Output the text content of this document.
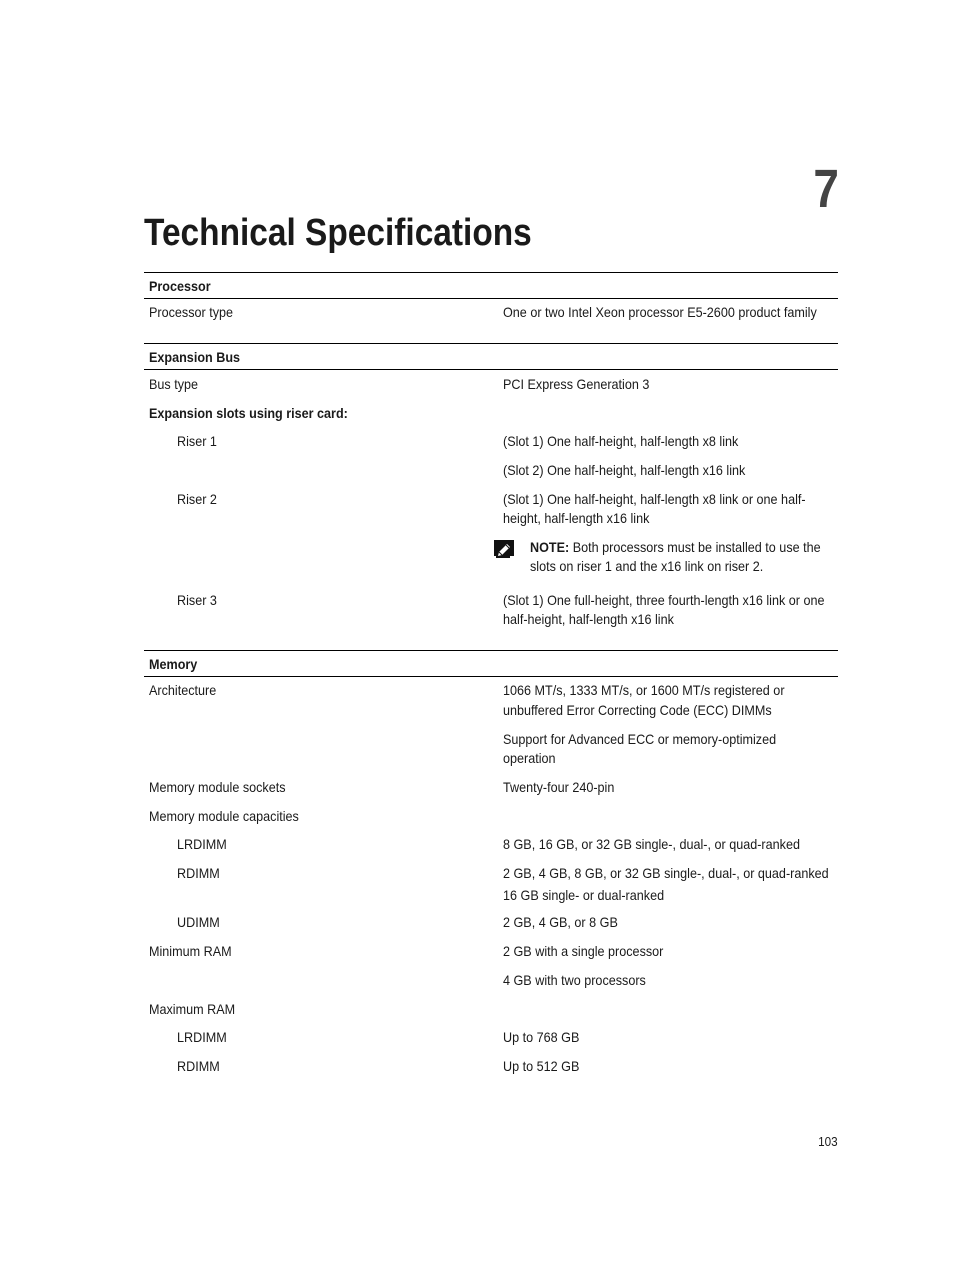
7
Technical Specifications
Processor
Processor type	One or two Intel Xeon processor E5-2600 product family
Expansion Bus
Bus type	PCI Express Generation 3
Expansion slots using riser card:
Riser 1	(Slot 1) One half-height, half-length x8 link
(Slot 2) One half-height, half-length x16 link
Riser 2	(Slot 1) One half-height, half-length x8 link or one half-
height, half-length x16 link
NOTE: Both processors must be installed to use the
slots on riser 1 and the x16 link on riser 2.
Riser 3	(Slot 1) One full-height, three fourth-length x16 link or one
half-height, half-length x16 link
Memory
Architecture	1066 MT/s, 1333 MT/s, or 1600 MT/s registered or
unbuffered Error Correcting Code (ECC) DIMMs
Support for Advanced ECC or memory-optimized
operation
Memory module sockets	Twenty-four 240-pin
Memory module capacities
LRDIMM	8 GB, 16 GB, or 32 GB single-, dual-, or quad-ranked
RDIMM	2 GB, 4 GB, 8 GB, or 32 GB single-, dual-, or quad-ranked
16 GB single- or dual-ranked
UDIMM	2 GB, 4 GB, or 8 GB
Minimum RAM	2 GB with a single processor
4 GB with two processors
Maximum RAM
LRDIMM	Up to 768 GB
RDIMM	Up to 512 GB
103
